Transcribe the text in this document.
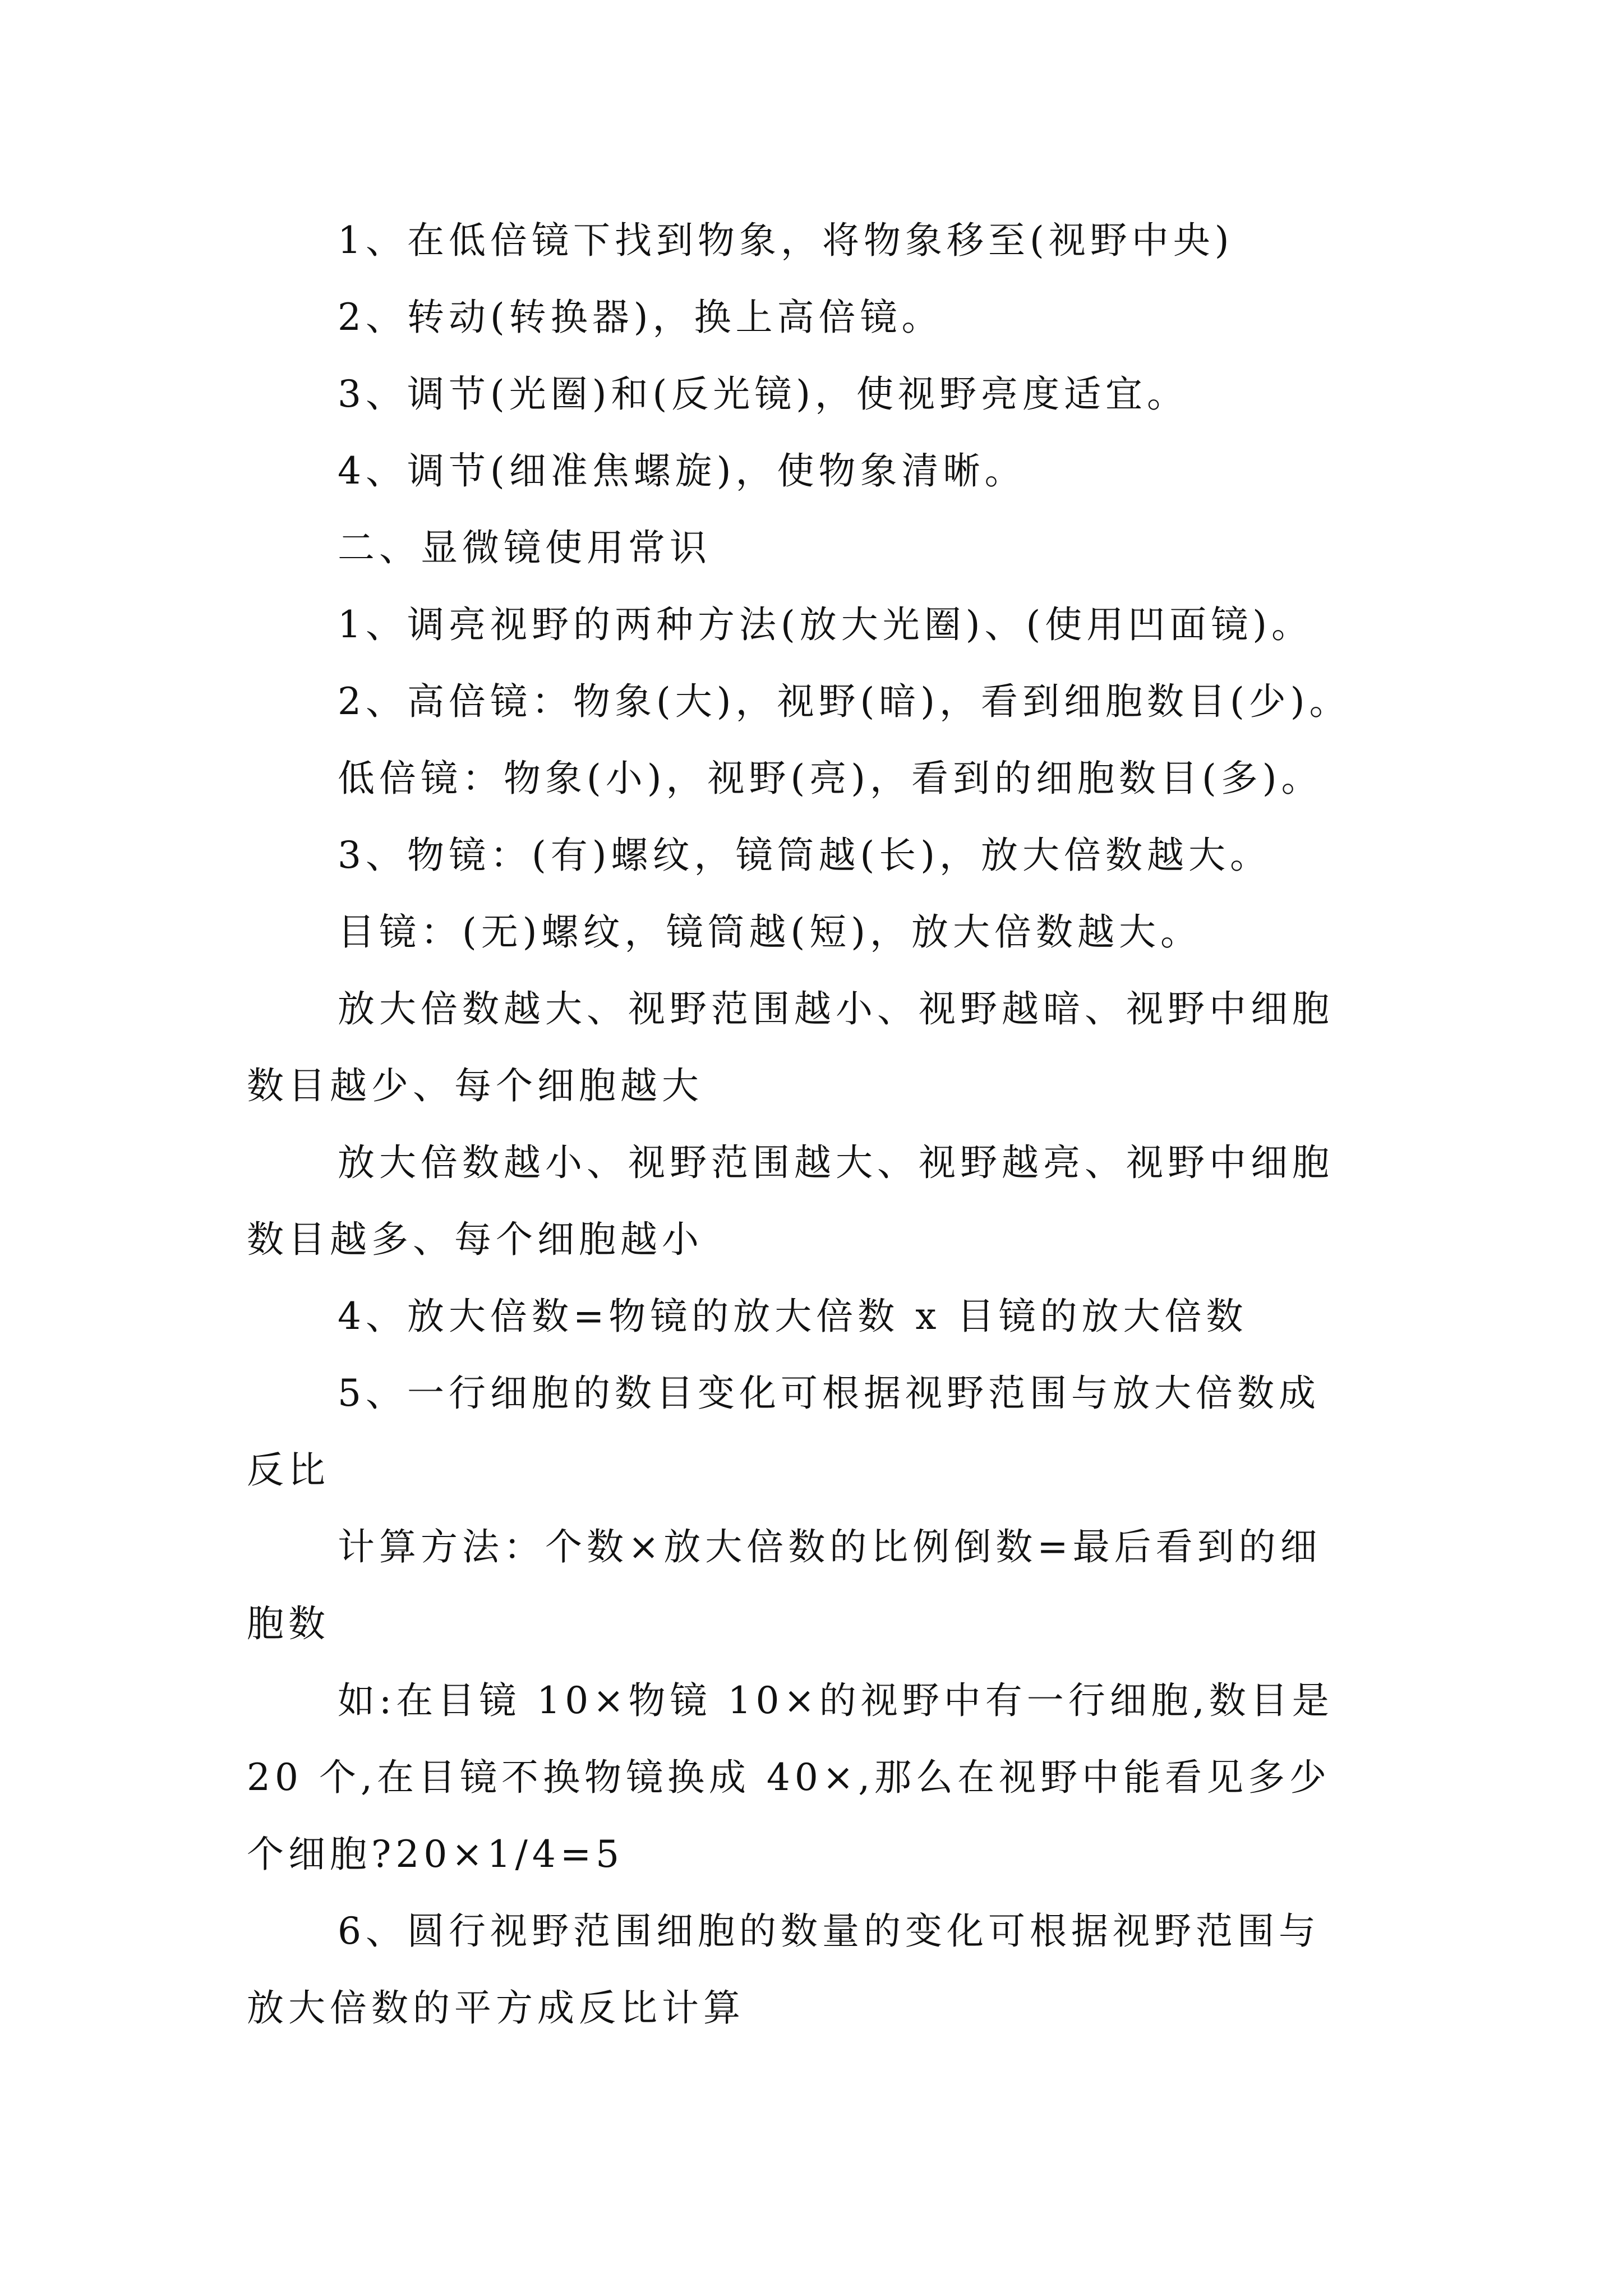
1、在低倍镜下找到物象，将物象移至(视野中央)

2、转动(转换器)，换上高倍镜。

3、调节(光圈)和(反光镜)，使视野亮度适宜。

4、调节(细准焦螺旋)，使物象清晰。

二、显微镜使用常识

1、调亮视野的两种方法(放大光圈)、(使用凹面镜)。

2、高倍镜：物象(大)，视野(暗)，看到细胞数目(少)。

低倍镜：物象(小)，视野(亮)，看到的细胞数目(多)。

3、物镜：(有)螺纹，镜筒越(长)，放大倍数越大。

目镜：(无)螺纹，镜筒越(短)，放大倍数越大。

放大倍数越大、视野范围越小、视野越暗、视野中细胞

数目越少、每个细胞越大

放大倍数越小、视野范围越大、视野越亮、视野中细胞

数目越多、每个细胞越小

4、放大倍数=物镜的放大倍数 x 目镜的放大倍数

5、一行细胞的数目变化可根据视野范围与放大倍数成

反比

计算方法：个数×放大倍数的比例倒数=最后看到的细

胞数

如:在目镜 10×物镜 10×的视野中有一行细胞,数目是

20 个,在目镜不换物镜换成 40×,那么在视野中能看见多少

个细胞?20×1/4=5

6、圆行视野范围细胞的数量的变化可根据视野范围与

放大倍数的平方成反比计算
